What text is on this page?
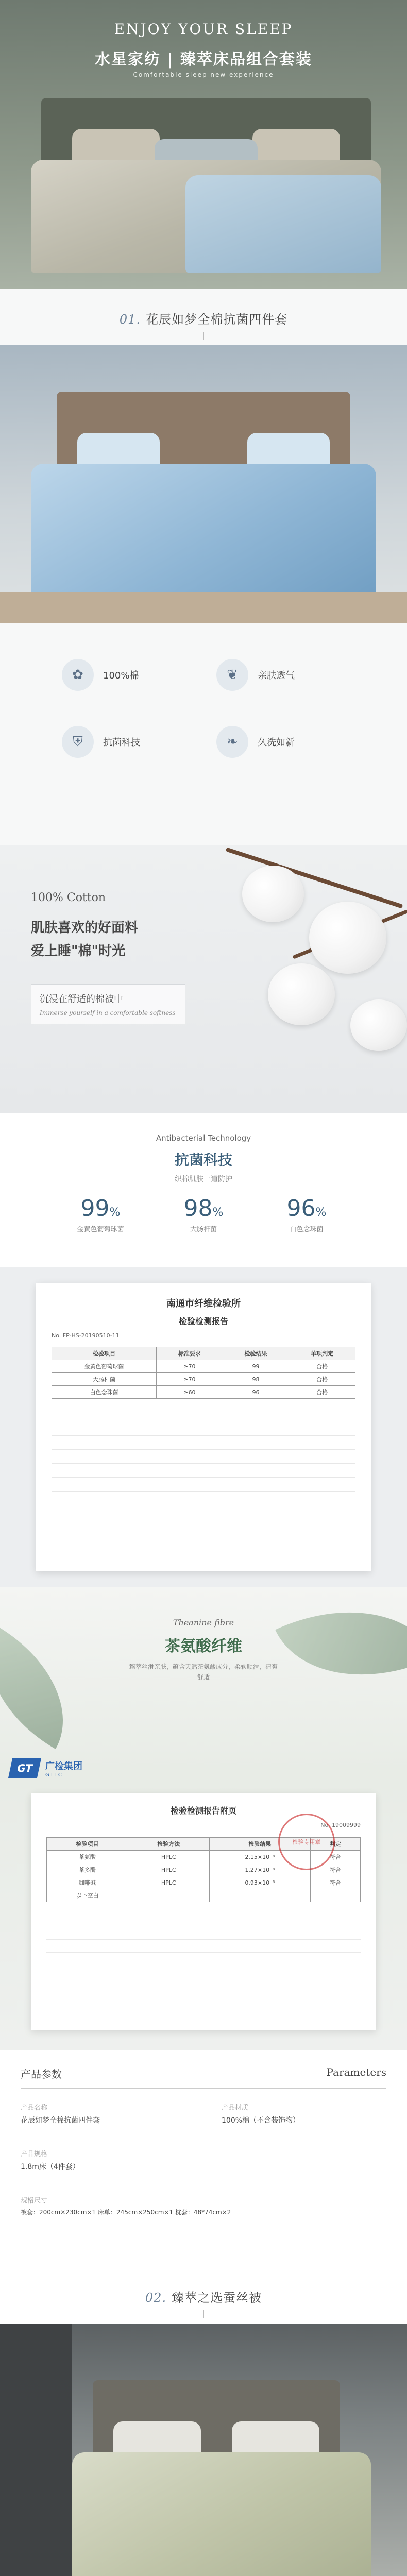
ENJOY YOUR SLEEP
水星家纺 | 臻萃床品组合套装
Comfortable sleep new experience
01. 花辰如梦全棉抗菌四件套
✿	100%棉	❦	亲肤透气
⛨	抗菌科技	❧	久洗如新
100% Cotton
肌肤喜欢的好面料
爱上睡"棉"时光
沉浸在舒适的棉被中
Immerse yourself in a comfortable softness
Antibacterial Technology
抗菌科技
织棉肌肤一道防护
99%
金黄色葡萄球菌
98%
大肠杆菌
96%
白色念珠菌
南通市纤维检验所
检验检测报告
No. FP-HS-20190510-11
检验项目	标准要求	检验结果	单项判定
金黄色葡萄球菌	≥70	99	合格
大肠杆菌	≥70	98	合格
白色念珠菌	≥60	96	合格
Theanine fibre
茶氨酸纤维
臻萃丝滑亲肤，蕴含天然茶氨酸成分，柔软顺滑，清爽舒适
GT	广检集团
GTTC
检验检测报告附页
No. 19009999
检验项目	检验方法	检验结果	判定
茶氨酸	HPLC	2.15×10⁻³	符合
茶多酚	HPLC	1.27×10⁻³	符合
咖啡碱	HPLC	0.93×10⁻³	符合
以下空白			
检验专用章
产品参数	Parameters
产品名称
花辰如梦全棉抗菌四件套
产品材质
100%棉（不含装饰物）
产品规格
1.8m床（4件套）
规格尺寸
被套：200cm×230cm×1 床单：245cm×250cm×1 枕套：48*74cm×2
02. 臻萃之选蚕丝被
